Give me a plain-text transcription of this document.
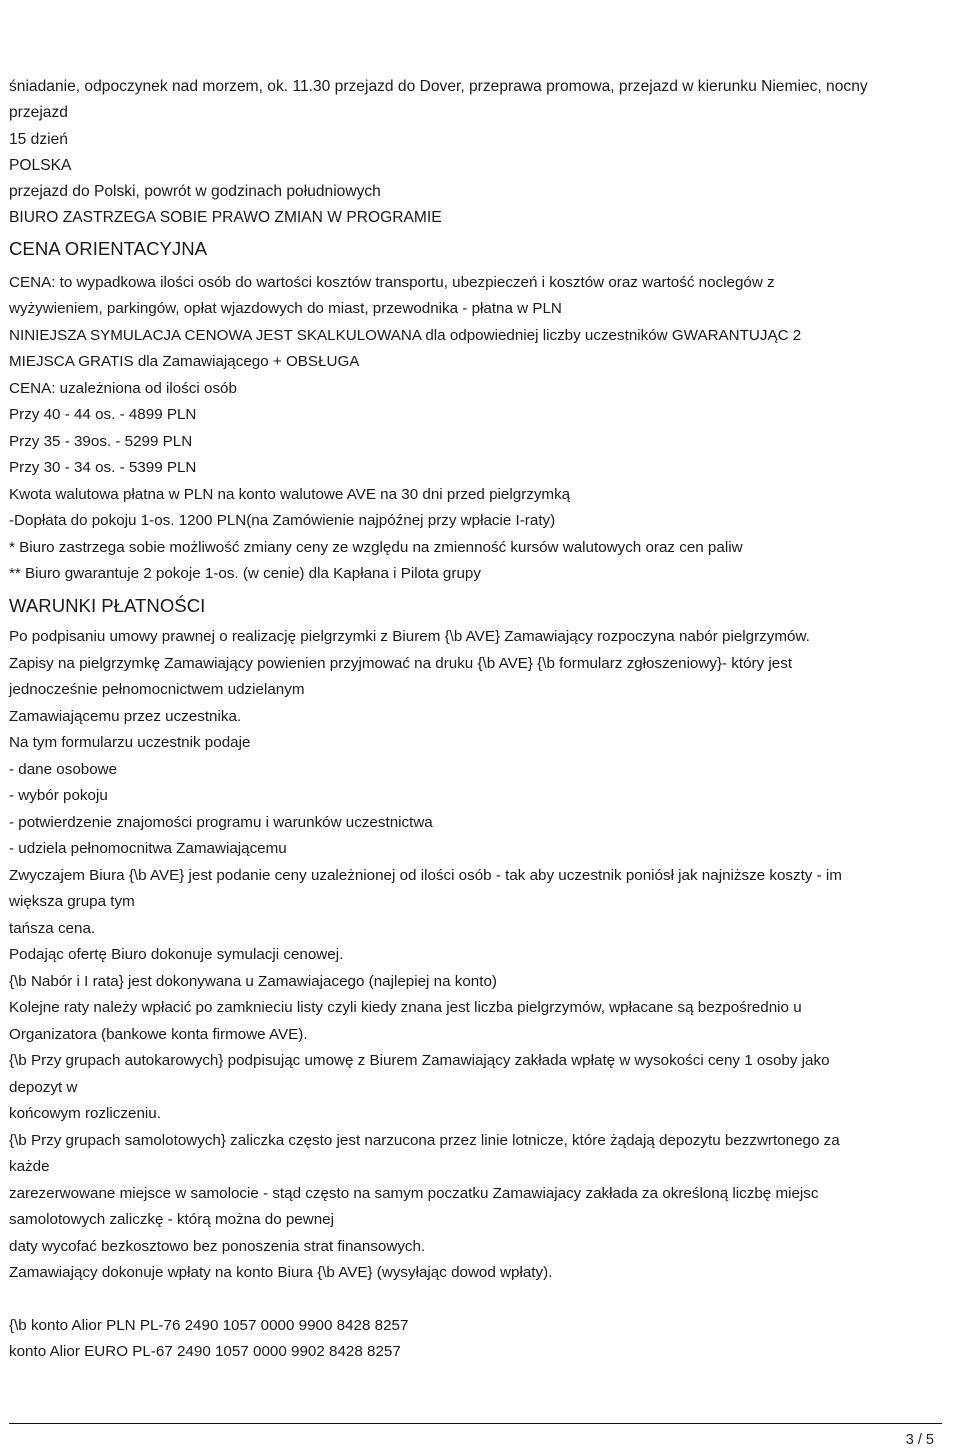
śniadanie, odpoczynek nad morzem, ok. 11.30 przejazd do Dover, przeprawa promowa, przejazd w kierunku Niemiec, nocny
przejazd
15 dzień
POLSKA
przejazd do Polski, powrót w godzinach południowych
BIURO ZASTRZEGA SOBIE PRAWO ZMIAN W PROGRAMIE
CENA ORIENTACYJNA
CENA: to wypadkowa ilości osób do wartości kosztów transportu, ubezpieczeń i kosztów oraz wartość noclegów z
wyżywieniem, parkingów, opłat wjazdowych do miast, przewodnika - płatna w PLN
NINIEJSZA SYMULACJA CENOWA JEST SKALKULOWANA dla odpowiedniej liczby uczestników GWARANTUJĄC 2
MIEJSCA GRATIS dla Zamawiającego + OBSŁUGA
CENA: uzależniona od ilości osób
Przy 40 - 44 os. - 4899 PLN
Przy 35 - 39os. - 5299 PLN
Przy 30 - 34 os. - 5399 PLN
Kwota walutowa płatna w PLN na konto walutowe AVE na 30 dni przed pielgrzymką
-Dopłata do pokoju 1-os. 1200 PLN(na Zamówienie najpóźnej przy wpłacie I-raty)
* Biuro zastrzega sobie możliwość zmiany ceny ze względu na zmienność kursów walutowych oraz cen paliw
** Biuro gwarantuje 2 pokoje 1-os. (w cenie) dla Kapłana i Pilota grupy
WARUNKI PŁATNOŚCI
Po podpisaniu umowy prawnej o realizację pielgrzymki z Biurem {\b AVE} Zamawiający rozpoczyna nabór pielgrzymów.
Zapisy na pielgrzymkę Zamawiający powienien przyjmować na druku {\b AVE} {\b formularz zgłoszeniowy}- który jest
jednocześnie pełnomocnictwem udzielanym
Zamawiającemu przez uczestnika.
Na tym formularzu uczestnik podaje
- dane osobowe
- wybór pokoju
- potwierdzenie znajomości programu i warunków uczestnictwa
- udziela pełnomocnitwa Zamawiającemu
Zwyczajem Biura {\b AVE} jest podanie ceny uzależnionej od ilości osób - tak aby uczestnik poniósł jak najniższe koszty - im
większa grupa tym
tańsza cena.
Podając ofertę Biuro dokonuje symulacji cenowej.
{\b Nabór i I rata} jest dokonywana u Zamawiajacego (najlepiej na konto)
Kolejne raty należy wpłacić po zamknieciu listy czyli kiedy znana jest liczba pielgrzymów, wpłacane są bezpośrednio u
Organizatora (bankowe konta firmowe AVE).
{\b Przy grupach autokarowych} podpisując umowę z Biurem Zamawiający zakłada wpłatę w wysokości ceny 1 osoby jako
depozyt w
końcowym rozliczeniu.
{\b Przy grupach samolotowych} zaliczka często jest narzucona przez linie lotnicze, które żądają depozytu bezzwrtonego za
każde
zarezerwowane miejsce w samolocie - stąd często na samym poczatku Zamawiajacy zakłada za określoną liczbę miejsc
samolotowych zaliczkę - którą można do pewnej
daty wycofać bezkosztowo bez ponoszenia strat finansowych.
Zamawiający dokonuje wpłaty na konto Biura {\b AVE} (wysyłając dowod wpłaty).
{\b konto Alior PLN PL-76 2490 1057 0000 9900 8428 8257
konto Alior EURO PL-67 2490 1057 0000 9902 8428 8257
3 / 5
